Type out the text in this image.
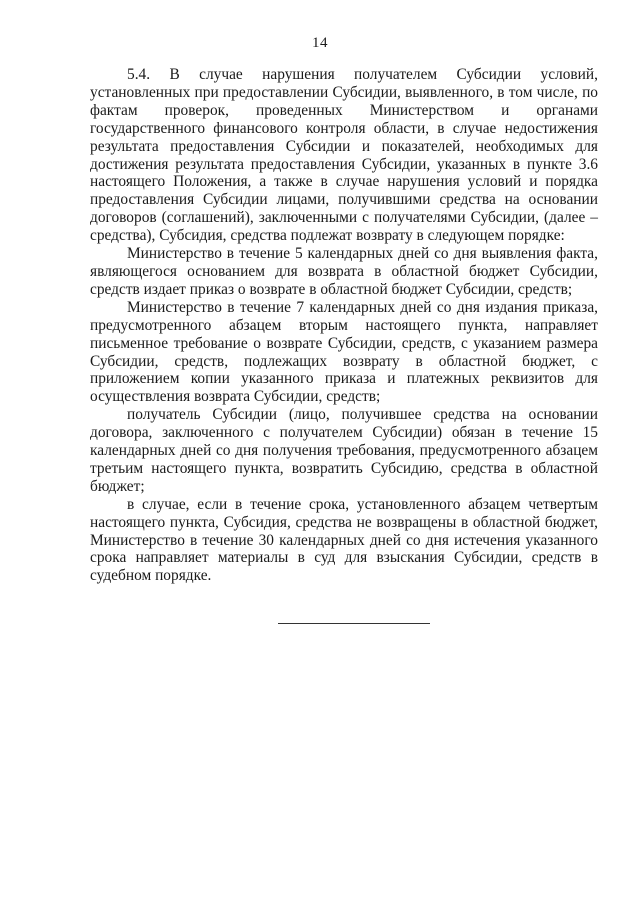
14

5.4. В случае нарушения получателем Субсидии условий, установленных при предоставлении Субсидии, выявленного, в том числе, по фактам проверок, проведенных Министерством и органами государственного финансового контроля области, в случае недостижения результата предоставления Субсидии и показателей, необходимых для достижения результата предоставления Субсидии, указанных в пункте 3.6 настоящего Положения, а также в случае нарушения условий и порядка предоставления Субсидии лицами, получившими средства на основании договоров (соглашений), заключенными с получателями Субсидии, (далее – средства), Субсидия, средства подлежат возврату в следующем порядке:

Министерство в течение 5 календарных дней со дня выявления факта, являющегося основанием для возврата в областной бюджет Субсидии, средств издает приказ о возврате в областной бюджет Субсидии, средств;

Министерство в течение 7 календарных дней со дня издания приказа, предусмотренного абзацем вторым настоящего пункта, направляет письменное требование о возврате Субсидии, средств, с указанием размера Субсидии, средств, подлежащих возврату в областной бюджет, с приложением копии указанного приказа и платежных реквизитов для осуществления возврата Субсидии, средств;

получатель Субсидии (лицо, получившее средства на основании договора, заключенного с получателем Субсидии) обязан в течение 15 календарных дней со дня получения требования, предусмотренного абзацем третьим настоящего пункта, возвратить Субсидию, средства в областной бюджет;

в случае, если в течение срока, установленного абзацем четвертым настоящего пункта, Субсидия, средства не возвращены в областной бюджет, Министерство в течение 30 календарных дней со дня истечения указанного срока направляет материалы в суд для взыскания Субсидии, средств в судебном порядке.
